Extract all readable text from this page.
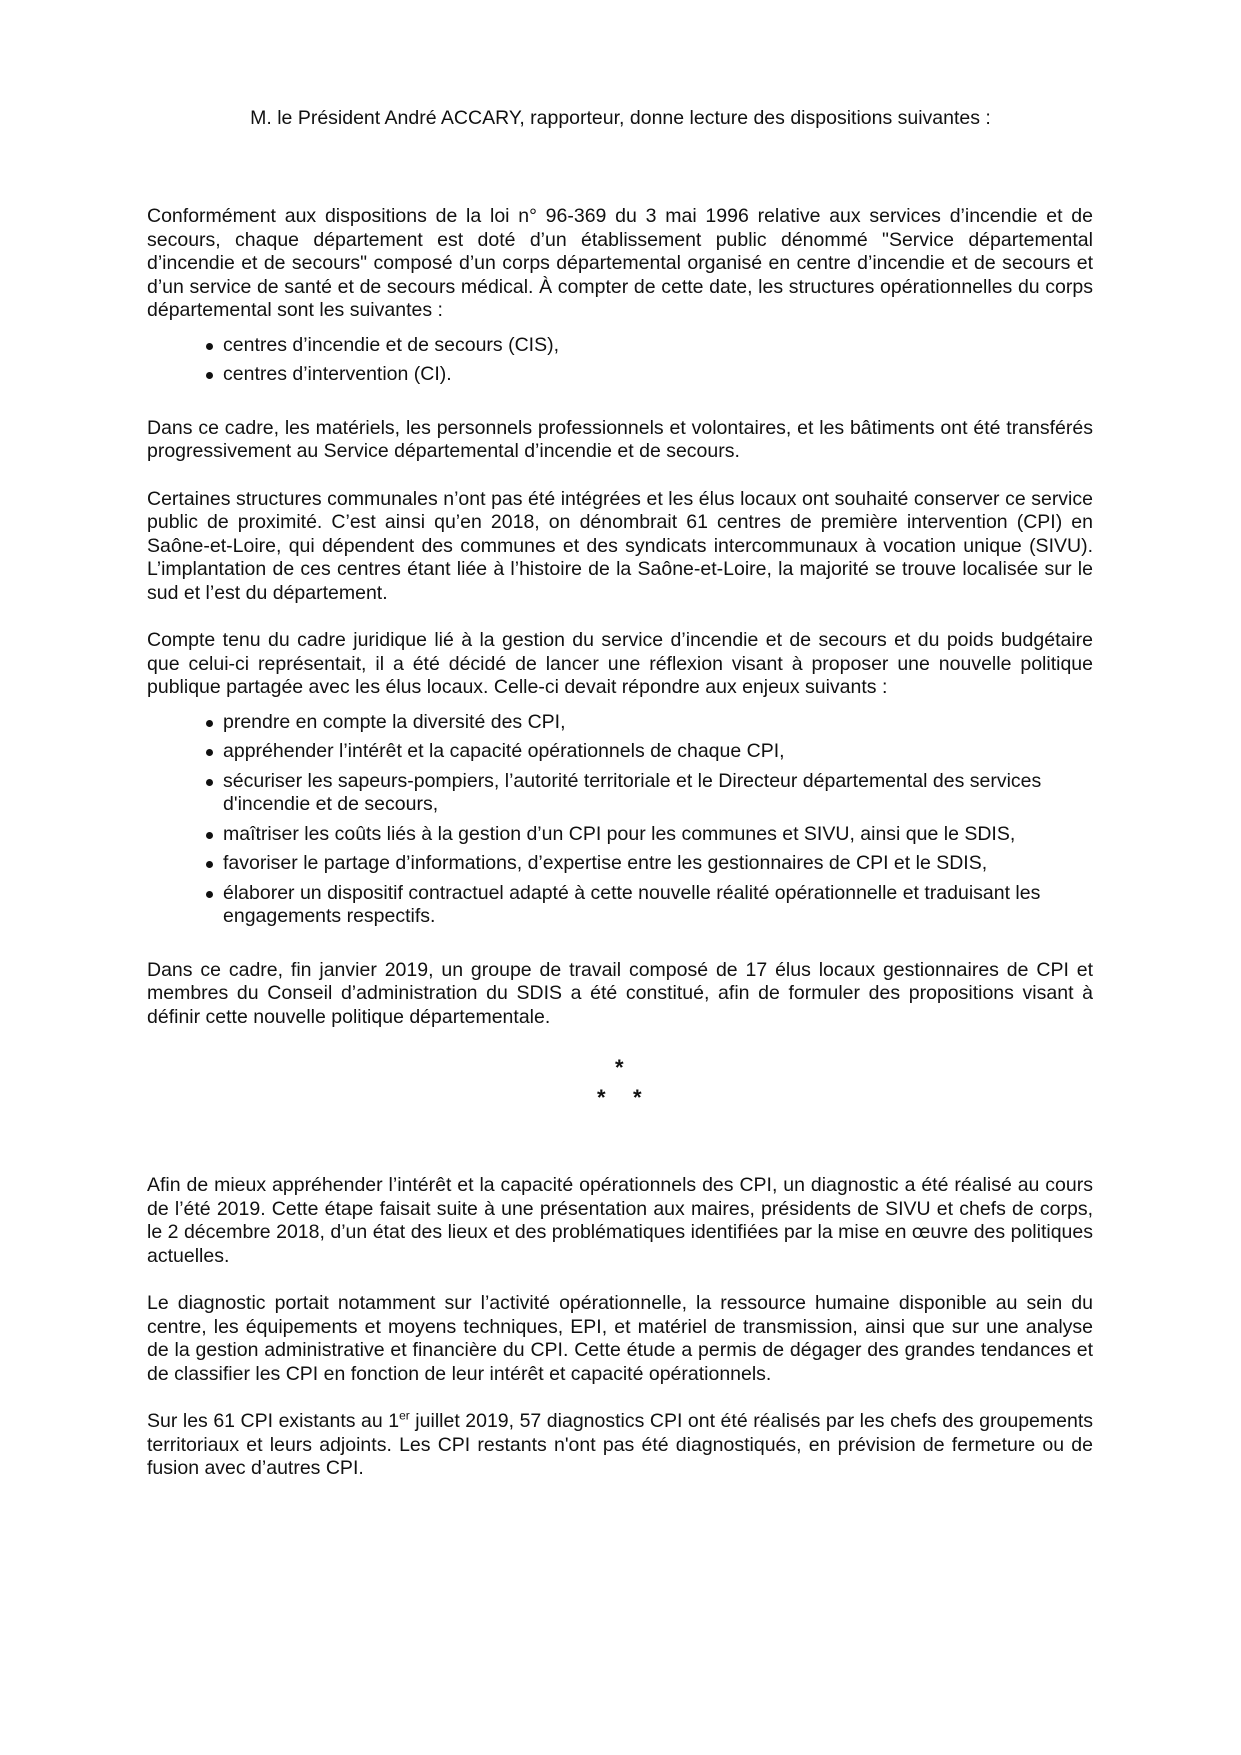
M. le Président André ACCARY, rapporteur, donne lecture des dispositions suivantes :

Conformément aux dispositions de la loi n° 96-369 du 3 mai 1996 relative aux services d’incendie et de secours, chaque département est doté d’un établissement public dénommé "Service départemental d’incendie et de secours" composé d’un corps départemental organisé en centre d’incendie et de secours et d’un service de santé et de secours médical. À compter de cette date, les structures opérationnelles du corps départemental sont les suivantes :

centres d’incendie et de secours (CIS),
centres d’intervention (CI).

Dans ce cadre, les matériels, les personnels professionnels et volontaires, et les bâtiments ont été transférés progressivement au Service départemental d’incendie et de secours.

Certaines structures communales n’ont pas été intégrées et les élus locaux ont souhaité conserver ce service public de proximité. C’est ainsi qu’en 2018, on dénombrait 61 centres de première intervention (CPI) en Saône-et-Loire, qui dépendent des communes et des syndicats intercommunaux à vocation unique (SIVU). L’implantation de ces centres étant liée à l’histoire de la Saône-et-Loire, la majorité se trouve localisée sur le sud et l’est du département.

Compte tenu du cadre juridique lié à la gestion du service d’incendie et de secours et du poids budgétaire que celui-ci représentait, il a été décidé de lancer une réflexion visant à proposer une nouvelle politique publique partagée avec les élus locaux. Celle-ci devait répondre aux enjeux suivants :

prendre en compte la diversité des CPI,
appréhender l’intérêt et la capacité opérationnels de chaque CPI,
sécuriser les sapeurs-pompiers, l’autorité territoriale et le Directeur départemental des services d'incendie et de secours,
maîtriser les coûts liés à la gestion d’un CPI pour les communes et SIVU, ainsi que le SDIS,
favoriser le partage d’informations, d’expertise entre les gestionnaires de CPI et le SDIS,
élaborer un dispositif contractuel adapté à cette nouvelle réalité opérationnelle et traduisant les engagements respectifs.

Dans ce cadre, fin janvier 2019, un groupe de travail composé de 17 élus locaux gestionnaires de CPI et membres du Conseil d’administration du SDIS a été constitué, afin de formuler des propositions visant à définir cette nouvelle politique départementale.

*
* *

Afin de mieux appréhender l’intérêt et la capacité opérationnels des CPI, un diagnostic a été réalisé au cours de l’été 2019. Cette étape faisait suite à une présentation aux maires, présidents de SIVU et chefs de corps, le 2 décembre 2018, d’un état des lieux et des problématiques identifiées par la mise en œuvre des politiques actuelles.

Le diagnostic portait notamment sur l’activité opérationnelle, la ressource humaine disponible au sein du centre, les équipements et moyens techniques, EPI, et matériel de transmission, ainsi que sur une analyse de la gestion administrative et financière du CPI. Cette étude a permis de dégager des grandes tendances et de classifier les CPI en fonction de leur intérêt et capacité opérationnels.

Sur les 61 CPI existants au 1er juillet 2019, 57 diagnostics CPI ont été réalisés par les chefs des groupements territoriaux et leurs adjoints. Les CPI restants n'ont pas été diagnostiqués, en prévision de fermeture ou de fusion avec d’autres CPI.
